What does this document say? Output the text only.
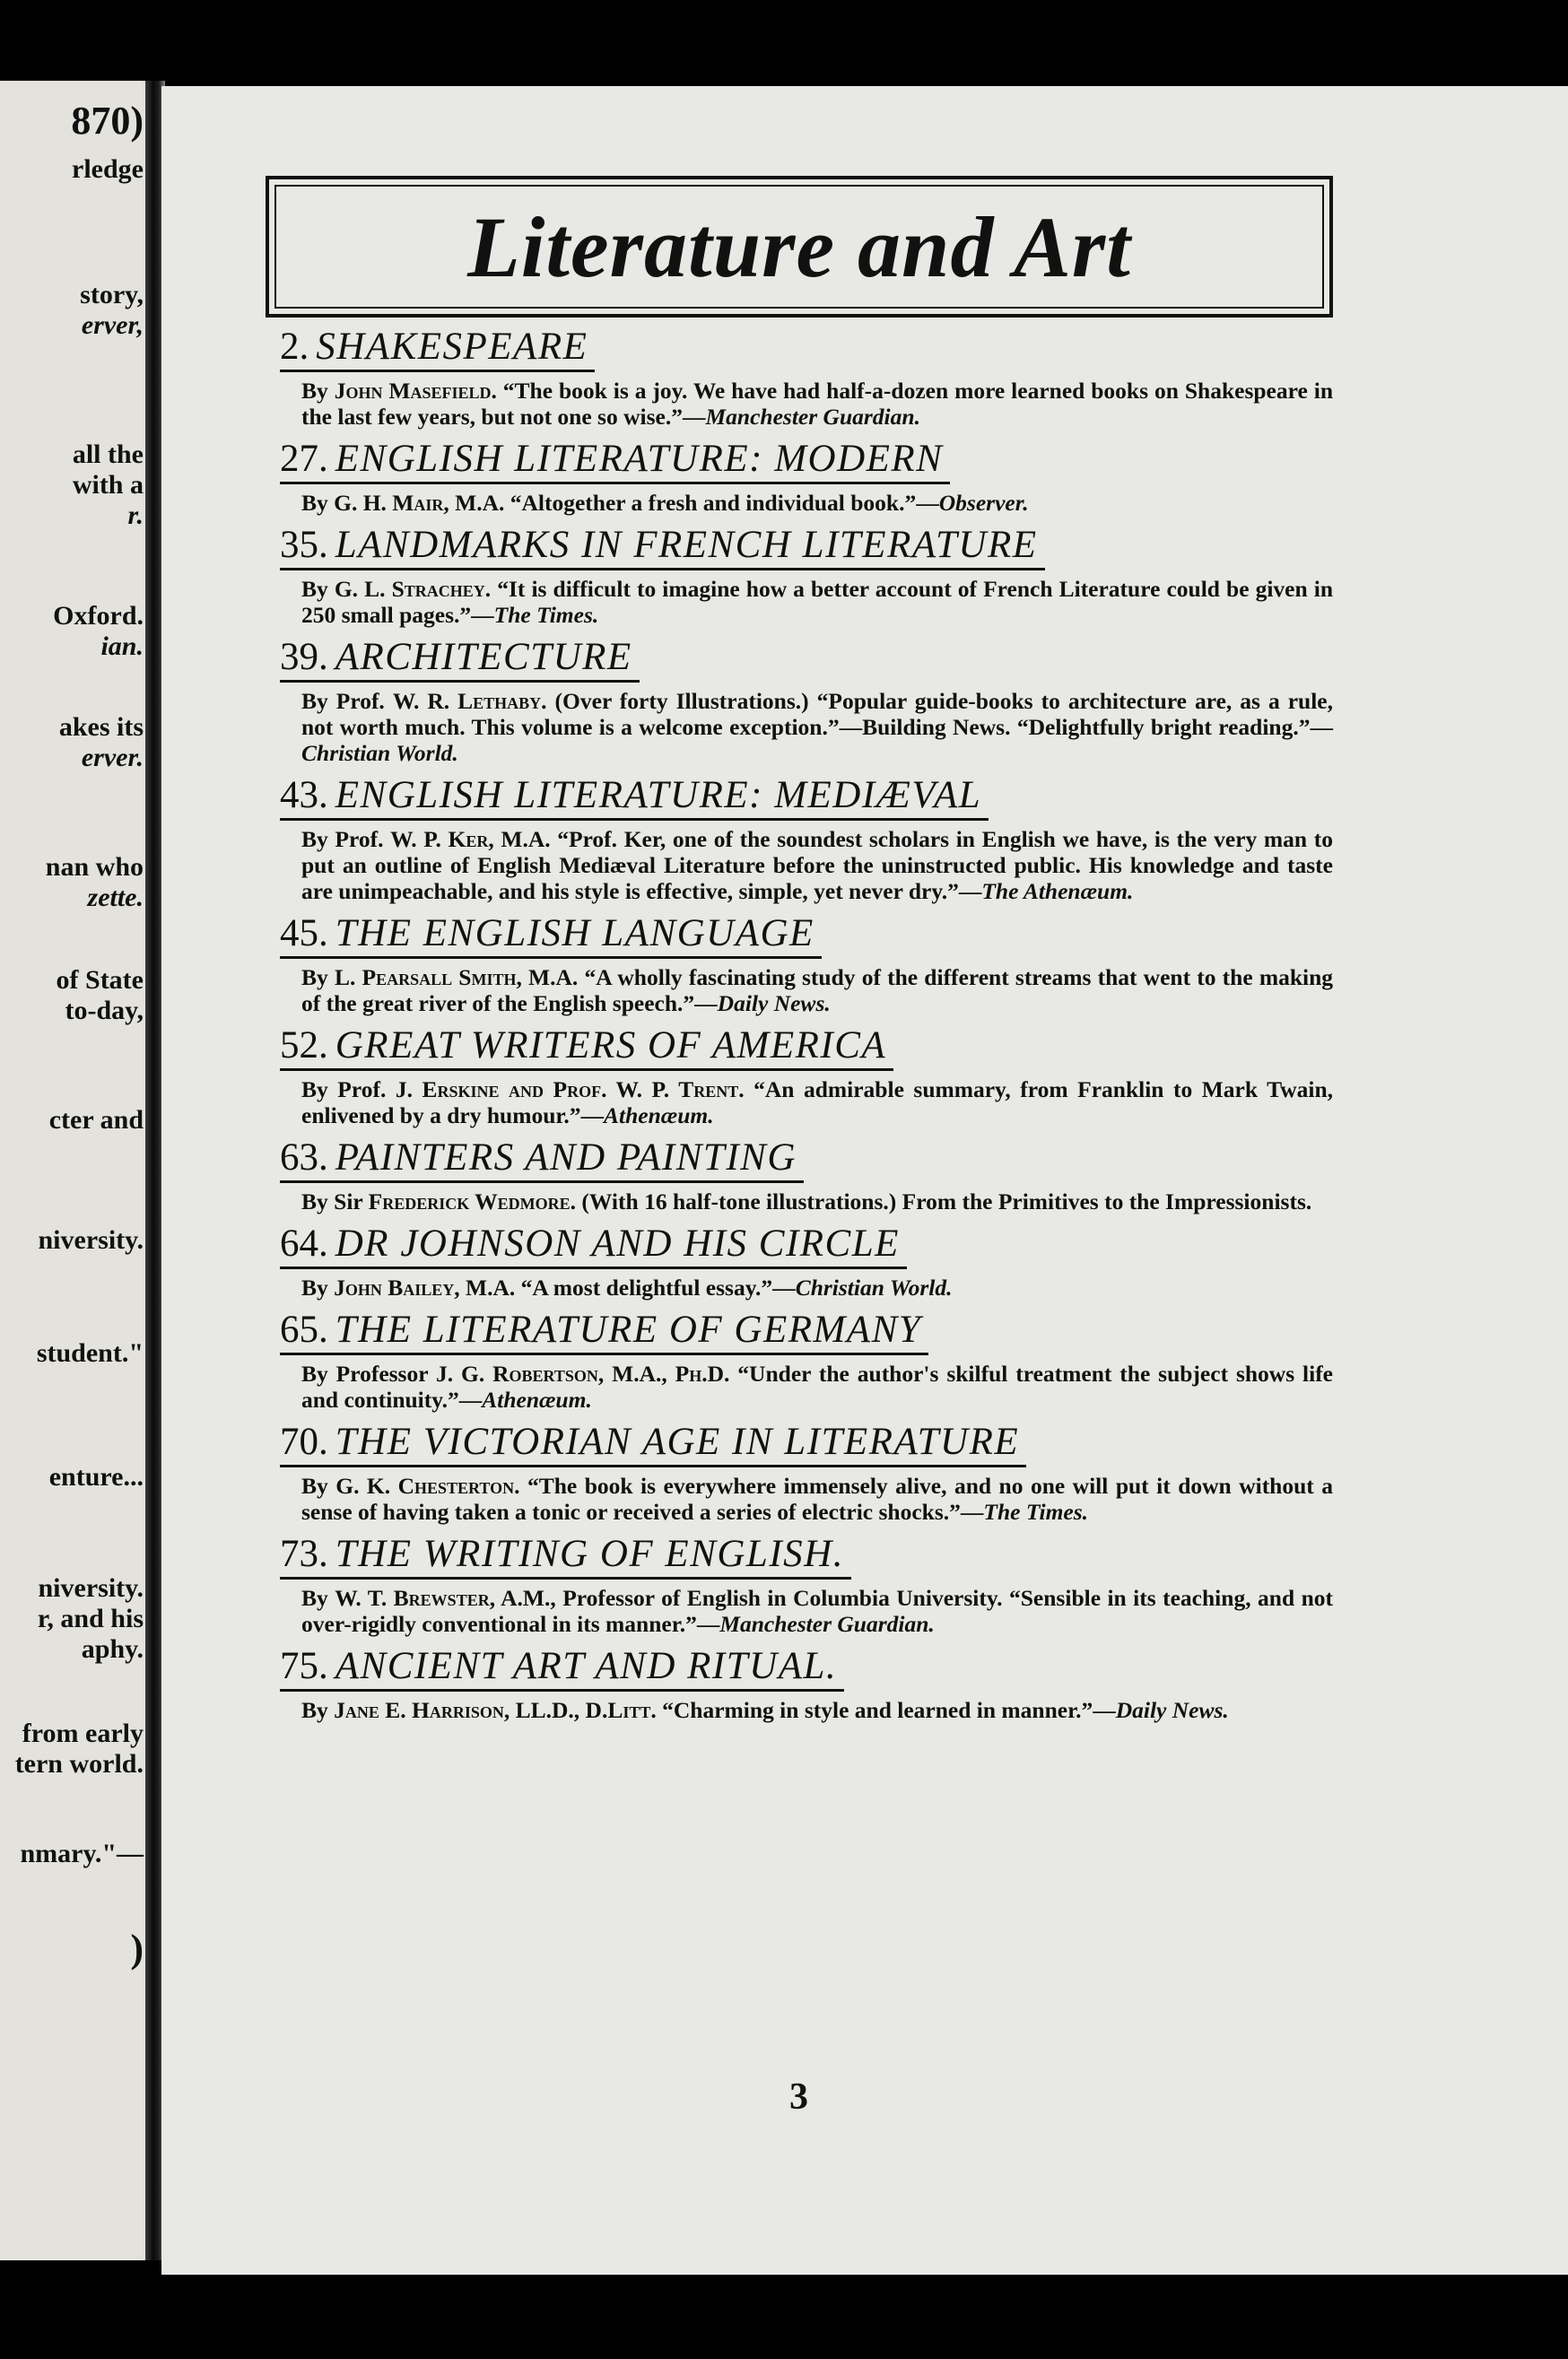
870)
rledge
story,
erver,
all the
with a
r.
Oxford.
ian.
akes its
erver.
nan who
zette.
of State
to-day,
cter and
niversity.
student."
enture...
niversity.
r, and his
aphy.
from early
tern world.
nmary."—
)
Literature and Art
2. SHAKESPEARE
By John Masefield. “The book is a joy. We have had half-a-dozen more learned books on Shakespeare in the last few years, but not one so wise.”—Manchester Guardian.
27. ENGLISH LITERATURE: MODERN
By G. H. Mair, M.A. “Altogether a fresh and individual book.”—Observer.
35. LANDMARKS IN FRENCH LITERATURE
By G. L. Strachey. “It is difficult to imagine how a better account of French Literature could be given in 250 small pages.”—The Times.
39. ARCHITECTURE
By Prof. W. R. Lethaby. (Over forty Illustrations.) “Popular guide-books to architecture are, as a rule, not worth much. This volume is a welcome exception.”—Building News. “Delightfully bright reading.”—Christian World.
43. ENGLISH LITERATURE: MEDIÆVAL
By Prof. W. P. Ker, M.A. “Prof. Ker, one of the soundest scholars in English we have, is the very man to put an outline of English Mediæval Literature before the uninstructed public. His knowledge and taste are unimpeachable, and his style is effective, simple, yet never dry.”—The Athenæum.
45. THE ENGLISH LANGUAGE
By L. Pearsall Smith, M.A. “A wholly fascinating study of the different streams that went to the making of the great river of the English speech.”—Daily News.
52. GREAT WRITERS OF AMERICA
By Prof. J. Erskine and Prof. W. P. Trent. “An admirable summary, from Franklin to Mark Twain, enlivened by a dry humour.”—Athenæum.
63. PAINTERS AND PAINTING
By Sir Frederick Wedmore. (With 16 half-tone illustrations.) From the Primitives to the Impressionists.
64. DR JOHNSON AND HIS CIRCLE
By John Bailey, M.A. “A most delightful essay.”—Christian World.
65. THE LITERATURE OF GERMANY
By Professor J. G. Robertson, M.A., Ph.D. “Under the author's skilful treatment the subject shows life and continuity.”—Athenæum.
70. THE VICTORIAN AGE IN LITERATURE
By G. K. Chesterton. “The book is everywhere immensely alive, and no one will put it down without a sense of having taken a tonic or received a series of electric shocks.”—The Times.
73. THE WRITING OF ENGLISH.
By W. T. Brewster, A.M., Professor of English in Columbia University. “Sensible in its teaching, and not over-rigidly conventional in its manner.”—Manchester Guardian.
75. ANCIENT ART AND RITUAL.
By Jane E. Harrison, LL.D., D.Litt. “Charming in style and learned in manner.”—Daily News.
3
